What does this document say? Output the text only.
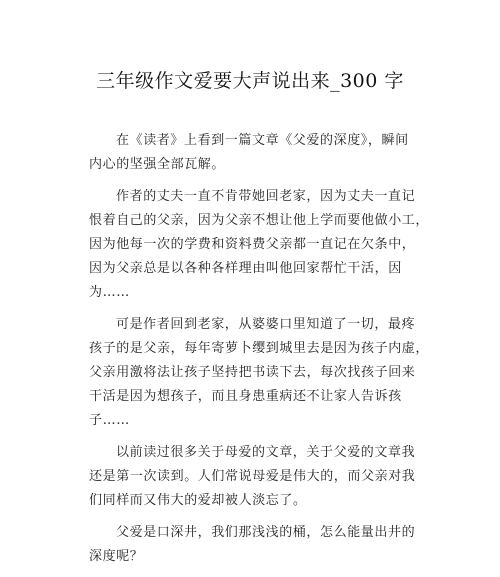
三年级作文爱要大声说出来_300 字
在《读者》上看到一篇文章《父爱的深度》，瞬间
内心的坚强全部瓦解。
作者的丈夫一直不肯带她回老家，因为丈夫一直记
恨着自己的父亲，因为父亲不想让他上学而要他做小工，
因为他每一次的学费和资料费父亲都一直记在欠条中，
因为父亲总是以各种各样理由叫他回家帮忙干活，因
为……
可是作者回到老家，从婆婆口里知道了一切，最疼
孩子的是父亲，每年寄萝卜缨到城里去是因为孩子内虚，
父亲用激将法让孩子坚持把书读下去，每次找孩子回来
干活是因为想孩子，而且身患重病还不让家人告诉孩
子……
以前读过很多关于母爱的文章，关于父爱的文章我
还是第一次读到。人们常说母爱是伟大的，而父亲对我
们同样而又伟大的爱却被人淡忘了。
父爱是口深井，我们那浅浅的桶，怎么能量出井的
深度呢？
